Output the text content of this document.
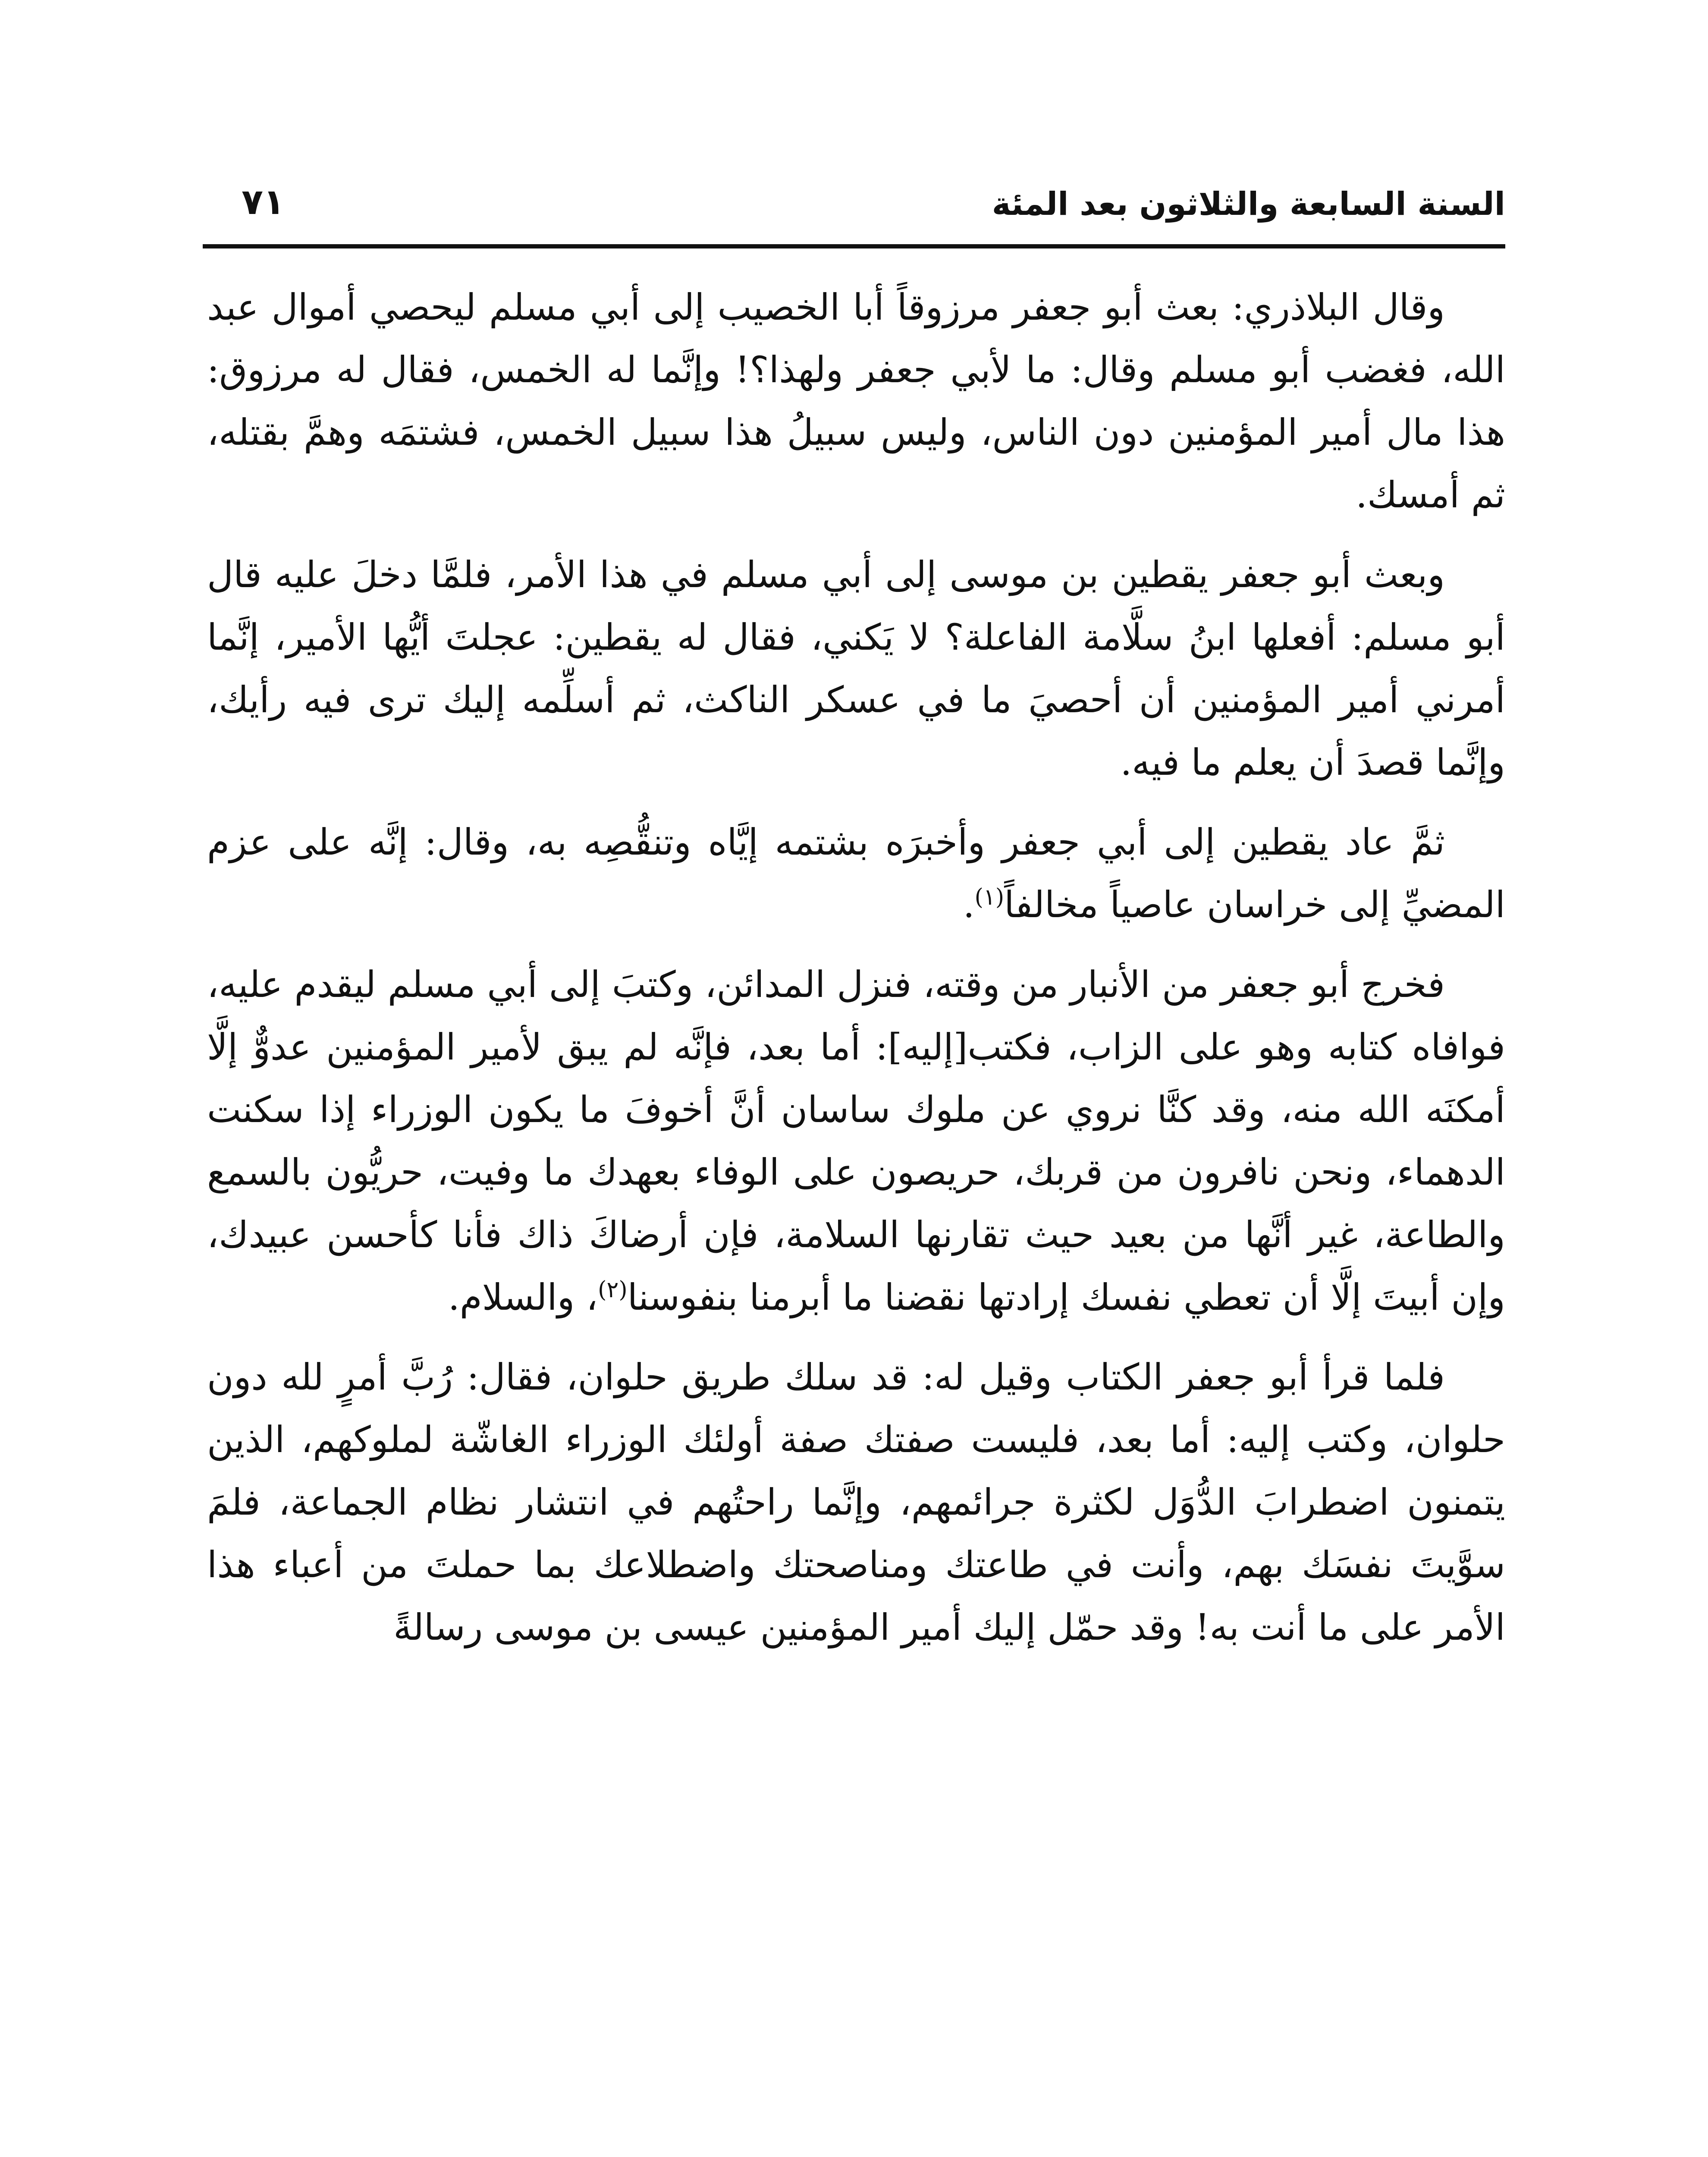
السنة السابعة والثلاثون بعد المئة
٧١

وقال البلاذري: بعث أبو جعفر مرزوقاً أبا الخصيب إلى أبي مسلم ليحصي أموال عبد الله، فغضب أبو مسلم وقال: ما لأبي جعفر ولهذا؟! وإنَّما له الخمس، فقال له مرزوق: هذا مال أمير المؤمنين دون الناس، وليس سبيلُ هذا سبيل الخمس، فشتمَه وهمَّ بقتله، ثم أمسك.

وبعث أبو جعفر يقطين بن موسى إلى أبي مسلم في هذا الأمر، فلمَّا دخلَ عليه قال أبو مسلم: أفعلها ابنُ سلَّامة الفاعلة؟ لا يَكني، فقال له يقطين: عجلتَ أيُّها الأمير، إنَّما أمرني أمير المؤمنين أن أحصيَ ما في عسكر الناكث، ثم أسلِّمه إليك ترى فيه رأيك، وإنَّما قصدَ أن يعلم ما فيه.

ثمَّ عاد يقطين إلى أبي جعفر وأخبرَه بشتمه إيَّاه وتنقُّصِه به، وقال: إنَّه على عزم المضيِّ إلى خراسان عاصياً مخالفاً$^{(١)}$.

فخرج أبو جعفر من الأنبار من وقته، فنزل المدائن، وكتبَ إلى أبي مسلم ليقدم عليه، فوافاه كتابه وهو على الزاب، فكتب[إليه]: أما بعد، فإنَّه لم يبق لأمير المؤمنين عدوٌّ إلَّا أمكنَه الله منه، وقد كنَّا نروي عن ملوك ساسان أنَّ أخوفَ ما يكون الوزراء إذا سكنت الدهماء، ونحن نافرون من قربك، حريصون على الوفاء بعهدك ما وفيت، حريُّون بالسمع والطاعة، غير أنَّها من بعيد حيث تقارنها السلامة، فإن أرضاكَ ذاك فأنا كأحسن عبيدك، وإن أبيتَ إلَّا أن تعطي نفسك إرادتها نقضنا ما أبرمنا بنفوسنا$^{(٢)}$، والسلام.

فلما قرأ أبو جعفر الكتاب وقيل له: قد سلك طريق حلوان، فقال: رُبَّ أمرٍ لله دون حلوان، وكتب إليه: أما بعد، فليست صفتك صفة أولئك الوزراء الغاشّة لملوكهم، الذين يتمنون اضطرابَ الدُّوَل لكثرة جرائمهم، وإنَّما راحتُهم في انتشار نظام الجماعة، فلمَ سوَّيتَ نفسَك بهم، وأنت في طاعتك ومناصحتك واضطلاعك بما حملتَ من أعباء هذا الأمر على ما أنت به! وقد حمّل إليك أمير المؤمنين عيسى بن موسى رسالةً
